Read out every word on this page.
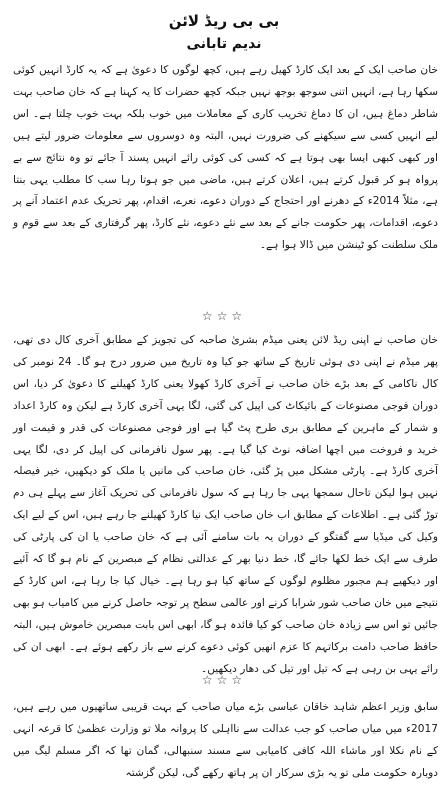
بی بی ریڈ لائن
ندیم تابانی

خان صاحب ایک کے بعد ایک کارڈ کھیل رہے ہیں، کچھ لوگوں کا دعویٰ ہے کہ یہ کارڈ انہیں کوئی سکھا رہا ہے، انہیں اتنی سوجھ بوجھ نہیں جبکہ کچھ حضرات کا یہ کہنا ہے کہ خان صاحب بہت شاطر دماغ ہیں، ان کا دماغ تخریب کاری کے معاملات میں خوب بلکہ بہت خوب چلتا ہے۔ اس لیے انہیں کسی سے سیکھنے کی ضرورت نہیں، البتہ وہ دوسروں سے معلومات ضرور لیتے ہیں اور کبھی کبھی ایسا بھی ہوتا ہے کہ کسی کی کوئی رائے انہیں پسند آ جائے تو وہ نتائج سے بے پرواہ ہو کر قبول کرتے ہیں، اعلان کرتے ہیں، ماضی میں جو ہوتا رہا سب کا مطلب یہی بنتا ہے، مثلاً 2014ء کے دھرنے اور احتجاج کے دوران دعوے، نعرے، اقدام، پھر تحریک عدم اعتماد آنے پر دعوے، اقدامات، پھر حکومت جانے کے بعد سے نئے دعوے، نئے کارڈ، پھر گرفتاری کے بعد سے قوم و ملک سلطنت کو ٹینشن میں ڈالا ہوا ہے۔

☆☆☆

خان صاحب نے اپنی ریڈ لائن یعنی میڈم بشریٰ صاحبہ کی تجویز کے مطابق آخری کال دی تھی، پھر میڈم نے اپنی دی ہوئی تاریخ کے ساتھ جو کیا وہ تاریخ میں ضرور درج ہو گا۔ 24 نومبر کی کال ناکامی کے بعد بڑے خان صاحب نے آخری کارڈ کھولا یعنی کارڈ کھیلنے کا دعویٰ کر دیا، اس دوران فوجی مصنوعات کے بائیکاٹ کی اپیل کی گئی، لگا یہی آخری کارڈ ہے لیکن وہ کارڈ اعداد و شمار کے ماہرین کے مطابق بری طرح پٹ گیا ہے اور فوجی مصنوعات کی قدر و قیمت اور خرید و فروخت میں اچھا اضافہ نوٹ کیا گیا ہے۔ پھر سول نافرمانی کی اپیل کر دی، لگا یہی آخری کارڈ ہے۔ پارٹی مشکل میں پڑ گئی، خان صاحب کی مانیں یا ملک کو دیکھیں، خیر فیصلہ نہیں ہوا لیکن تاحال سمجھا یہی جا رہا ہے کہ سول نافرمانی کی تحریک آغاز سے پہلے ہی دم توڑ گئی ہے۔ اطلاعات کے مطابق اب خان صاحب ایک نیا کارڈ کھیلنے جا رہے ہیں، اس کے لیے ایک وکیل کی میڈیا سے گفتگو کے دوران یہ بات سامنے آئی ہے کہ خان صاحب یا ان کی پارٹی کی طرف سے ایک خط لکھا جائے گا، خط دنیا بھر کے عدالتی نظام کے مبصرین کے نام ہو گا کہ آئیے اور دیکھیے ہم مجبور مظلوم لوگوں کے ساتھ کیا ہو رہا ہے۔ خیال کیا جا رہا ہے، اس کارڈ کے نتیجے میں خان صاحب شور شرابا کرنے اور عالمی سطح پر توجہ حاصل کرنے میں کامیاب ہو بھی جائیں تو اس سے زیادہ خان صاحب کو کیا فائدہ ہو گا، ابھی اس بابت مبصرین خاموش ہیں، البتہ حافظ صاحب دامت برکاتہم کا عزم انھیں کوئی دعوے کرنے سے باز رکھے ہوئے ہے۔ ابھی ان کی رائے یہی بن رہی ہے کہ تیل اور تیل کی دھار دیکھیں۔

☆☆☆

سابق وزیر اعظم شاہد خاقان عباسی بڑے میاں صاحب کے بہت قریبی ساتھیوں میں رہے ہیں، 2017ء میں میاں صاحب کو جب عدالت سے نااہلی کا پروانہ ملا تو وزارت عظمیٰ کا قرعہ انہی کے نام نکلا اور ماشاء اللہ کافی کامیابی سے مسند سنبھالی، گمان تھا کہ اگر مسلم لیگ میں دوبارہ حکومت ملی تو یہ بڑی سرکار ان پر ہاتھ رکھے گی، لیکن گزشتہ
